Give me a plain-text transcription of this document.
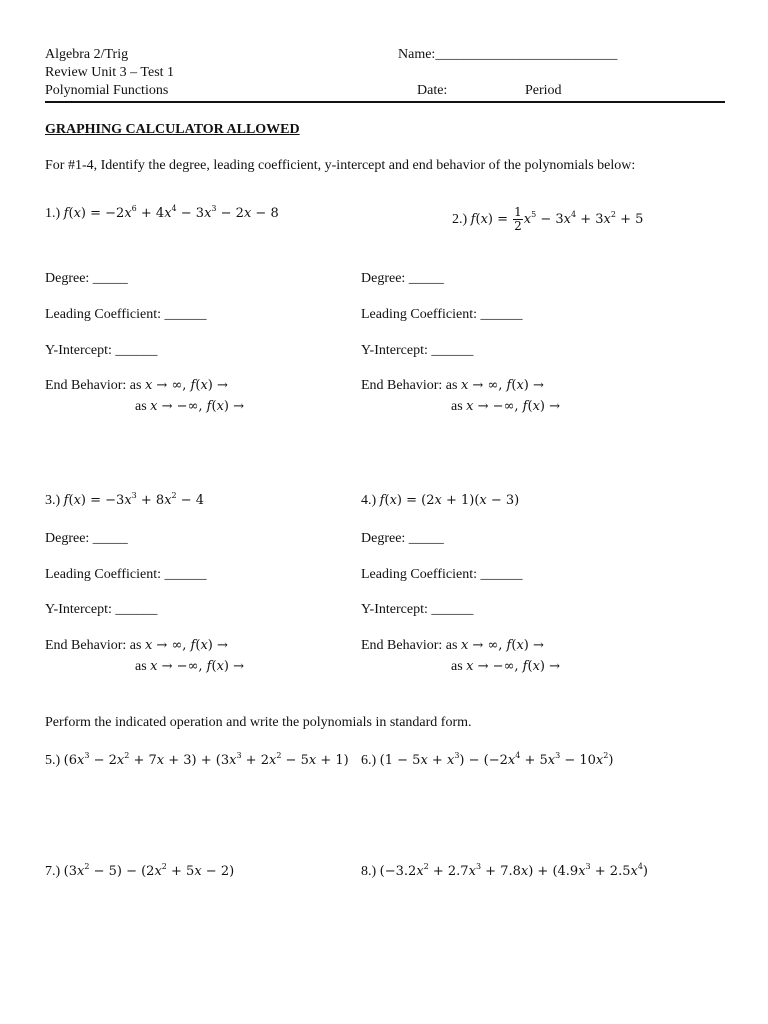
Algebra 2/Trig
Review Unit 3 – Test 1
Polynomial Functions
Name:__________________________
Date:	Period
GRAPHING CALCULATOR ALLOWED
For #1-4, Identify the degree, leading coefficient, y-intercept and end behavior of the polynomials below:
1.) $f(x) = -2x^6 + 4x^4 - 3x^3 - 2x - 8$	2.) $f(x) = \frac{1}{2} x^5 - 3x^4 + 3x^2 + 5$
Degree: _____	Degree: _____
Leading Coefficient: ______	Leading Coefficient: ______
Y-Intercept: ______	Y-Intercept: ______
End Behavior: as x → ∞, f(x) →
as x → −∞, f(x) →
End Behavior: as x → ∞, f(x) →
as x → −∞, f(x) →
3.) $f(x) = -3x^3 + 8x^2 - 4$	4.) f(x) = (2x + 1)(x − 3)
Degree: _____	Degree: _____
Leading Coefficient: ______	Leading Coefficient: ______
Y-Intercept: ______	Y-Intercept: ______
End Behavior: as x → ∞, f(x) →
as x → −∞, f(x) →
End Behavior: as x → ∞, f(x) →
as x → −∞, f(x) →
Perform the indicated operation and write the polynomials in standard form.
5.) $(6x^3 - 2x^2 + 7x + 3) + (3x^3 + 2x^2 - 5x + 1)$ 6.) $(1 - 5x + x^3) - (-2x^4 + 5x^3 - 10x^2)$
7.) $(3x^2 - 5) - (2x^2 + 5x - 2)$	8.) $(-3.2x^2 + 2.7x^3 + 7.8x) + (4.9x^3 + 2.5x^4)$
